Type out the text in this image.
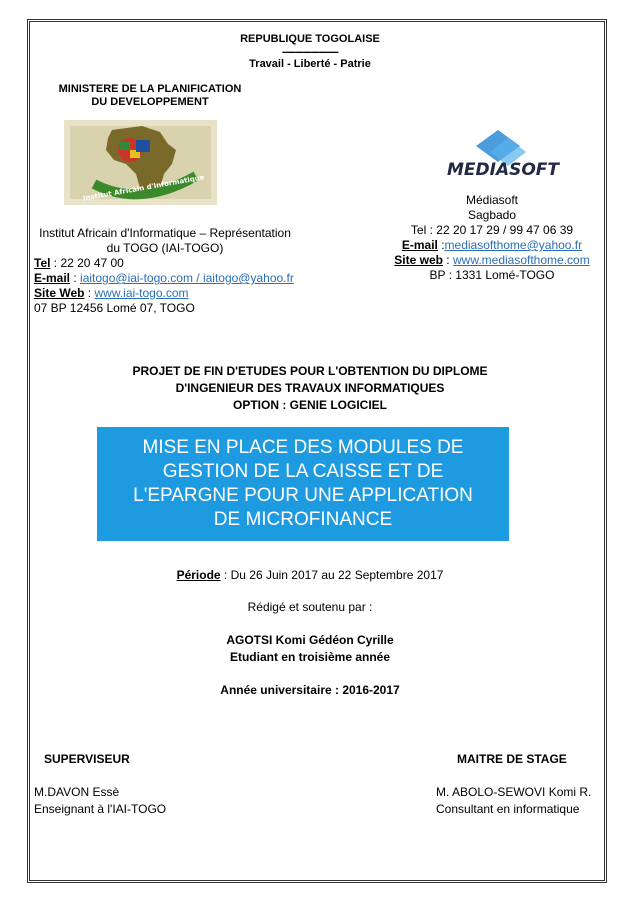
REPUBLIQUE TOGOLAISE
---------------------
Travail - Liberté - Patrie
MINISTERE DE LA PLANIFICATION
DU DEVELOPPEMENT
Institut Africain d'Informatique
MEDIASOFT
Institut Africain d'Informatique – Représentation
du TOGO (IAI-TOGO)
Tel : 22 20 47 00
E-mail : iaitogo@iai-togo.com / iaitogo@yahoo.fr
Site Web : www.iai-togo.com
07 BP 12456 Lomé 07, TOGO
Médiasoft
Sagbado
Tel : 22 20 17 29 / 99 47 06 39
E-mail :mediasofthome@yahoo.fr
Site web : www.mediasofthome.com
BP : 1331 Lomé-TOGO
PROJET DE FIN D'ETUDES POUR L'OBTENTION DU DIPLOME
D'INGENIEUR DES TRAVAUX INFORMATIQUES
OPTION : GENIE LOGICIEL
MISE EN PLACE DES MODULES DE
GESTION DE LA CAISSE ET DE
L'EPARGNE POUR UNE APPLICATION
DE MICROFINANCE
Période : Du 26 Juin 2017 au 22 Septembre 2017
Rédigé et soutenu par :
AGOTSI Komi Gédéon Cyrille
Etudiant en troisième année
Année universitaire : 2016-2017
SUPERVISEUR
M.DAVON Essè
Enseignant à l'IAI-TOGO
MAITRE DE STAGE
M. ABOLO-SEWOVI Komi R.
Consultant en informatique
